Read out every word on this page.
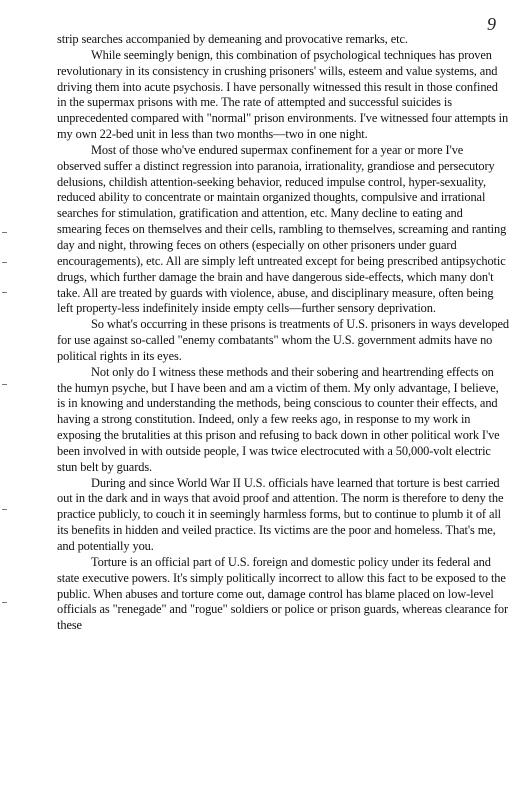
9

strip searches accompanied by demeaning and provocative remarks, etc.

While seemingly benign, this combination of psychological techniques has proven revolutionary in its consistency in crushing prisoners' wills, esteem and value systems, and driving them into acute psychosis. I have personally witnessed this result in those confined in the supermax prisons with me. The rate of attempted and successful suicides is unprecedented compared with "normal" prison environments. I've witnessed four attempts in my own 22-bed unit in less than two months—two in one night.

Most of those who've endured supermax confinement for a year or more I've observed suffer a distinct regression into paranoia, irrationality, grandiose and persecutory delusions, childish attention-seeking behavior, reduced impulse control, hyper-sexuality, reduced ability to concentrate or maintain organized thoughts, compulsive and irrational searches for stimulation, gratification and attention, etc. Many decline to eating and smearing feces on themselves and their cells, rambling to themselves, screaming and ranting day and night, throwing feces on others (especially on other prisoners under guard encouragements), etc. All are simply left untreated except for being prescribed antipsychotic drugs, which further damage the brain and have dangerous side-effects, which many don't take. All are treated by guards with violence, abuse, and disciplinary measure, often being left property-less indefinitely inside empty cells—further sensory deprivation.

So what's occurring in these prisons is treatments of U.S. prisoners in ways developed for use against so-called "enemy combatants" whom the U.S. government admits have no political rights in its eyes.

Not only do I witness these methods and their sobering and heartrending effects on the humyn psyche, but I have been and am a victim of them. My only advantage, I believe, is in knowing and understanding the methods, being conscious to counter their effects, and having a strong constitution. Indeed, only a few reeks ago, in response to my work in exposing the brutalities at this prison and refusing to back down in other political work I've been involved in with outside people, I was twice electrocuted with a 50,000-volt electric stun belt by guards.

During and since World War II U.S. officials have learned that torture is best carried out in the dark and in ways that avoid proof and attention. The norm is therefore to deny the practice publicly, to couch it in seemingly harmless forms, but to continue to plumb it of all its benefits in hidden and veiled practice. Its victims are the poor and homeless. That's me, and potentially you.

Torture is an official part of U.S. foreign and domestic policy under its federal and state executive powers. It's simply politically incorrect to allow this fact to be exposed to the public. When abuses and torture come out, damage control has blame placed on low-level officials as "renegade" and "rogue" soldiers or police or prison guards, whereas clearance for these
